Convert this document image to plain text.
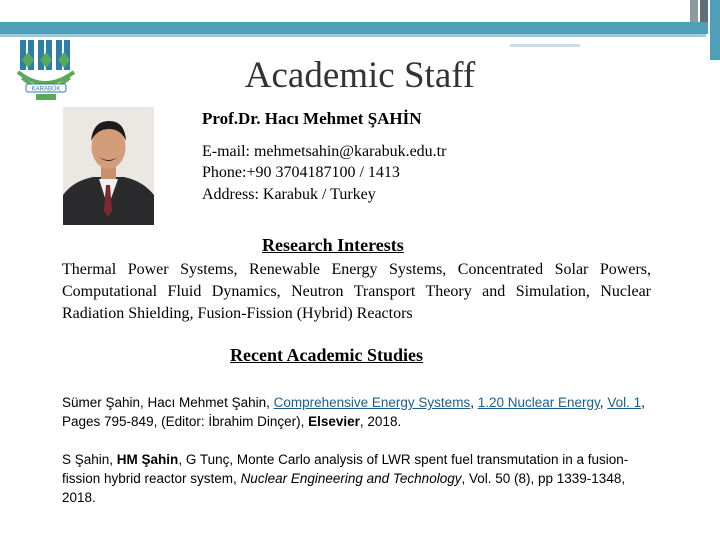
KARABÜK	Academic Staff
Prof.Dr. Hacı Mehmet ŞAHİN
E-mail: mehmetsahin@karabuk.edu.tr
Phone:+90 3704187100 / 1413
Address: Karabuk / Turkey
Research Interests
Thermal Power Systems, Renewable Energy Systems, Concentrated Solar Powers, Computational Fluid Dynamics, Neutron Transport Theory and Simulation, Nuclear Radiation Shielding, Fusion-Fission (Hybrid) Reactors
Recent Academic Studies
Sümer Şahin, Hacı Mehmet Şahin, Comprehensive Energy Systems, 1.20 Nuclear Energy, Vol. 1, Pages 795-849, (Editor: İbrahim Dinçer), Elsevier, 2018.
S Şahin, HM Şahin, G Tunç, Monte Carlo analysis of LWR spent fuel transmutation in a fusion-fission hybrid reactor system, Nuclear Engineering and Technology, Vol. 50 (8), pp 1339-1348, 2018.
